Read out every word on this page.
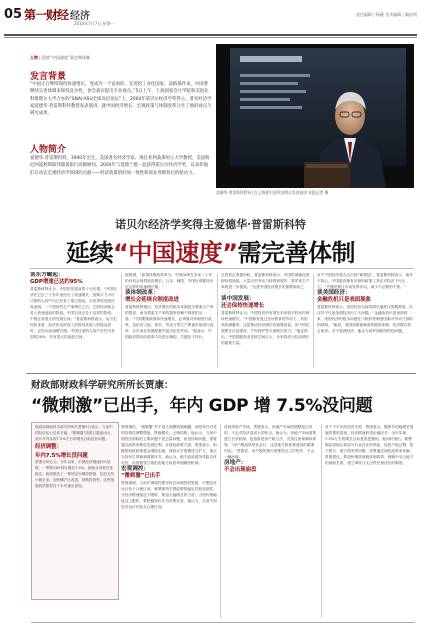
05 第一财经 经济
2014年7月7日 星期一
责任编辑 | 杨薇 美术编辑 | 翁思明
人物 | 延续“中国速度”需完善体制
发言背景
“中国正在继续保持快速增长，变成为一个富裕的、先进的工业化国家，前路条件来，中国要继续完善体制来保持竞争性，参会嘉宾提出专业观点。”5日上午，上海国家会计学院和美国北科维斯尔大学合办的“SNAI-ASU全球高层论坛”上，2004年诺贝尔经济学奖得主、著名经济学家爱德华·普雷斯科特教授发表演讲，就中国经济增长、宏观政策与体制改革分享了他的观点与研究成果。
人物简介
爱德华·普雷斯科特，1940年出生，美国著名经济学家。现任亚利桑那州立大学教授、美国明尼阿波利斯联邦储备银行高级顾问。2004年与基德兰德一起获得诺贝尔经济学奖，以表彰他们在动态宏观经济学领域的贡献——经济政策的时间一致性和商业周期背后的驱动力。
爱德华·普雷斯科特5日在上海就中国经济增长发表演讲 本报记者 摄
诺贝尔经济学奖得主爱德华·普雷斯科特
延续“中国速度”需完善体制
谈东方崛起：
GDP增速已达约95%
普雷斯科特认为，中国的发展前景十分乐观。“中国经济在过去三十多年里经历了高速增长，按购买力平价计算的人均产出已经有了很大提高。全世界的发展经验表明，一个国家的生产率增长之后，它的经济就会进入快速追赶的阶段。中国目前正处于这样的阶段。中国还有很大的发展空间。”普雷斯科特表示，从历史经验来看，经济体从低收入阶段向高收入阶段迈进时，会经历高速增长期。中国目前的人均产出约为美国的20%，仍有很大的追赶空间。
他预测，“如果体制改革得当，中国GDP在未来二十年仍有机会保持较高增长。日本、韩国、中国台湾都经历过这样的高速增长期。”
谈体制改革：
增长会延续自制度改进
普雷斯科特指出，经济增长的根本来源是全要素生产率的提高，而全要素生产率的提高依赖于制度的完善。“中国要继续保持快速增长，必须要对体制进行改革，包括对土地、资本、劳动力等生产要素市场进行改革，让市场在资源配置中起决定性作用。”他表示，中国政府提出的改革方向是正确的，关键在于执行。
在回答记者提问时，普雷斯科特表示，中国的城镇化进程仍将延续，大量农村劳动力转移到城市，将带来生产率的进一步提高。“这是中国经济增长的重要源泉之一。”
谈中国发展：
还会保持快速增长
普雷斯科特认为，中国经济仍有望在未来较长时间内保持快速增长。“中国拥有受过良好教育的劳动力，有很高的储蓄率，这是推动经济增长的重要因素。但中国还需要在法治建设、产权保护等方面做出努力。”他还指出，中国的服务业发展空间巨大，未来将成为拉动增长的重要力量。
对于中国经济是否会出现“硬着陆”，普雷斯科特表示，他并不担心，中国政府拥有足够的政策工具应对经济下行压力。“关键是要让市场发挥作用，减少不必要的干预。”
谈美国经济：
金融危机只是表面现象
普雷斯科特表示，美国经济目前的增长速度比预期要低，但这并不代表美国经济出了大问题。“金融危机只是表面现象，美国经济的根本问题在于税收等制度因素对劳动力供给的抑制。”他说，美国如果能够改革税收体制，经济增长将会加快。对于欧洲经济，他认为同样面临结构性问题。
财政部财政科学研究所所长贾康：
“微刺激”已出手，年内 GDP 增 7.5%没问题
财政部财政科学研究所所长贾康5日表示，当前中国经济运行总体平稳，“微刺激”政策已陆续出台，预计年内实现7.5%左右的增长目标没有问题。
经济调整：
年内7.5%增长没问题
贾康分析认为，今年以来，中国经济增速有所放缓，一季度GDP同比增长7.4%，但就业形势总体稳定。政府推出了一系列定向调控措施，包括支持小微企业、加快棚户区改造、铁路投资等，这些措施的效果将在下半年逐步显现。
贾康指出，“微刺激”并不是大规模的强刺激，而是有针对性的结构性调整措施，既稳增长，又调结构。他认为，当前中国经济面临的主要问题不是总量问题，而是结构问题，需要通过改革来释放发展红利。在财政政策方面，贾康表示，积极的财政政策将会继续实施，财政赤字规模适当扩大，重点支持民生领域和薄弱环节。他认为，地方政府债务风险总体可控，但需要建立规范的地方政府举债融资机制。
宏观调控：
“微刺激”已出手
贾康强调，当前宏观调控要坚持区间调控的思路，只要经济运行处于合理区间，就要保持宏观政策的稳定性和连续性。当经济增速接近下限时，要加大稳增长的力度；当物价涨幅接近上限时，要把稳物价作为首要任务。他认为，目前中国经济运行仍处在合理区间。
谈到房地产市场，贾康表示，房地产市场的调整是正常的，不会对经济造成大的冲击。他认为，房地产市场需要建立长效机制，包括推进房产税立法、完善住房保障体系等。“房产税改革势在必行，这是地方税体系建设的重要内容。”贾康说，房产税的推出需要经过立法程序，不会一蹴而就。
房地产：
不会出现崩盘
对于下半年的经济走势，贾康表示，随着各项稳增长措施效果的显现，经济增速有望企稳回升，全年实现7.5%左右的增长目标是有把握的。他同时指出，要警惕局部地区和部分行业存在的风险，包括产能过剩、影子银行、地方债务等问题，需要通过深化改革来化解。贾康建议，要加快推进财税体制改革，理顺中央与地方的财政关系，建立事权与支出责任相适应的制度。
